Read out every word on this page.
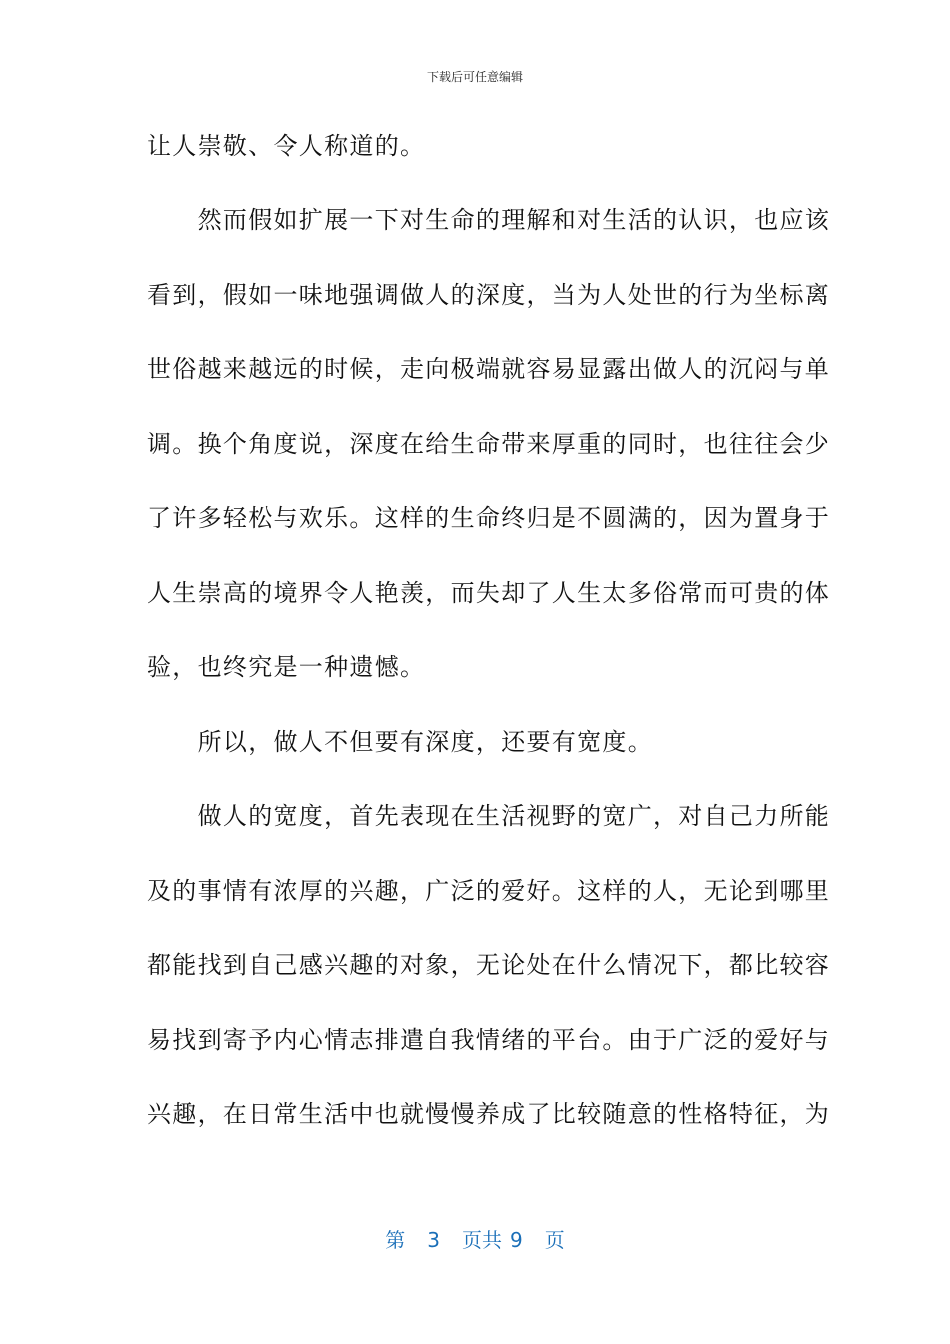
下载后可任意编辑
让人崇敬、令人称道的。
　　然而假如扩展一下对生命的理解和对生活的认识，也应该
看到，假如一味地强调做人的深度，当为人处世的行为坐标离
世俗越来越远的时候，走向极端就容易显露出做人的沉闷与单
调。换个角度说，深度在给生命带来厚重的同时，也往往会少
了许多轻松与欢乐。这样的生命终归是不圆满的，因为置身于
人生崇高的境界令人艳羡，而失却了人生太多俗常而可贵的体
验，也终究是一种遗憾。
　　所以，做人不但要有深度，还要有宽度。
　　做人的宽度，首先表现在生活视野的宽广，对自己力所能
及的事情有浓厚的兴趣，广泛的爱好。这样的人，无论到哪里
都能找到自己感兴趣的对象，无论处在什么情况下，都比较容
易找到寄予内心情志排遣自我情绪的平台。由于广泛的爱好与
兴趣，在日常生活中也就慢慢养成了比较随意的性格特征，为
第 3 页共 9 页
